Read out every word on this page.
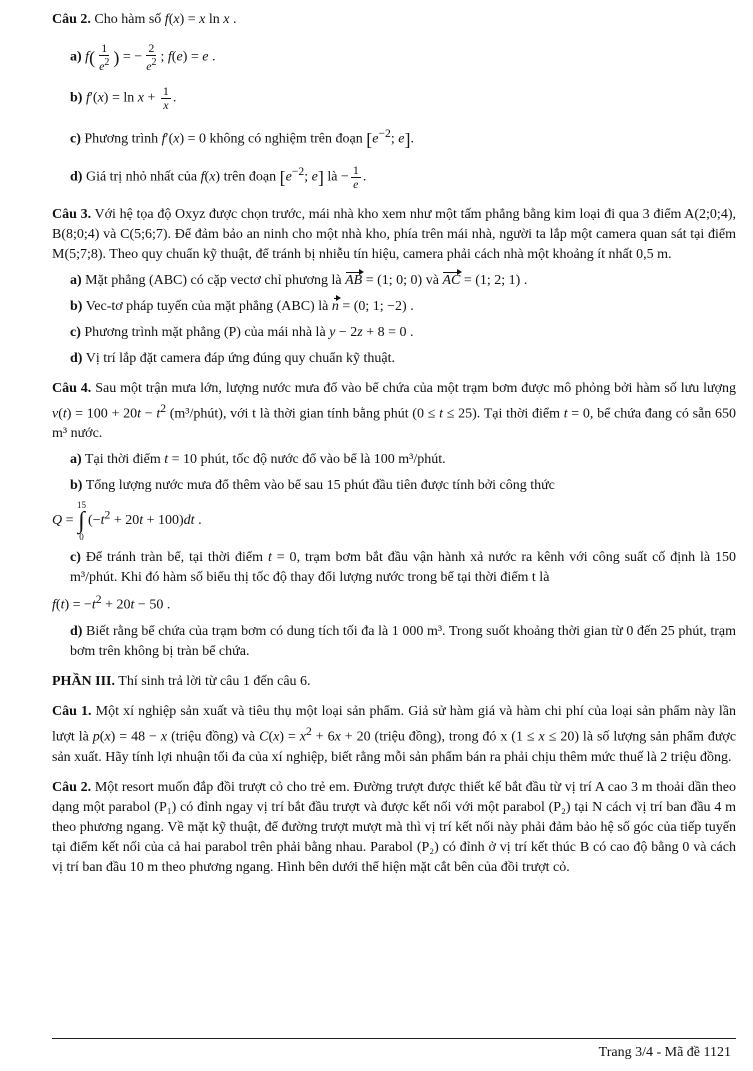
Câu 2. Cho hàm số f(x) = x ln x .

a) $f( \frac{1}{e^2}$ ) = − $\frac{2}{e^2}$ ; f(e) = e .

b) $f'(x) = \ln x + \frac{1}{x}$ .

c) Phương trình f′(x) = 0 không có nghiệm trên đoạn [$e^{-2}$; e].

d) Giá trị nhỏ nhất của f(x) trên đoạn [$e^{-2}$; e] là − $\frac{1}{e}$ .

Câu 3. Với hệ tọa độ Oxyz được chọn trước, mái nhà kho xem như một tấm phẳng bằng kim loại đi qua 3 điểm A(2;0;4), B(8;0;4) và C(5;6;7). Để đảm bảo an ninh cho một nhà kho, phía trên mái nhà, người ta lắp một camera quan sát tại điểm M(5;7;8). Theo quy chuẩn kỹ thuật, để tránh bị nhiễu tín hiệu, camera phải cách nhà một khoảng ít nhất 0,5 m.

a) Mặt phẳng (ABC) có cặp vectơ chỉ phương là AB = (1; 0; 0) và AC = (1; 2; 1) .

b) Vec-tơ pháp tuyến của mặt phẳng (ABC) là n = (0; 1; −2) .

c) Phương trình mặt phẳng (P) của mái nhà là y − 2z + 8 = 0 .

d) Vị trí lắp đặt camera đáp ứng đúng quy chuẩn kỹ thuật.

Câu 4. Sau một trận mưa lớn, lượng nước mưa đổ vào bể chứa của một trạm bơm được mô phỏng bởi hàm số lưu lượng $v(t) = 100 + 20t - t^2$ (m³/phút), với t là thời gian tính bằng phút (0 ≤ t ≤ 25). Tại thời điểm t = 0, bể chứa đang có sẵn 650 m³ nước.

a) Tại thời điểm t = 10 phút, tốc độ nước đổ vào bể là 100 m³/phút.

b) Tổng lượng nước mưa đổ thêm vào bể sau 15 phút đầu tiên được tính bởi công thức

Q =
15
∫
0
$(-t^2 + 20t + 100)dt$ .

c) Để tránh tràn bể, tại thời điểm t = 0, trạm bơm bắt đầu vận hành xả nước ra kênh với công suất cố định là 150 m³/phút. Khi đó hàm số biểu thị tốc độ thay đổi lượng nước trong bể tại thời điểm t là

$f(t) = -t^2 + 20t - 50$ .

d) Biết rằng bể chứa của trạm bơm có dung tích tối đa là 1 000 m³. Trong suốt khoảng thời gian từ 0 đến 25 phút, trạm bơm trên không bị tràn bể chứa.

PHẦN III. Thí sinh trả lời từ câu 1 đến câu 6.

Câu 1. Một xí nghiệp sản xuất và tiêu thụ một loại sản phẩm. Giả sử hàm giá và hàm chi phí của loại sản phẩm này lần lượt là p(x) = 48 − x (triệu đồng) và $C(x) = x^2 + 6x + 20$ (triệu đồng), trong đó x (1 ≤ x ≤ 20) là số lượng sản phẩm được sản xuất. Hãy tính lợi nhuận tối đa của xí nghiệp, biết rằng mỗi sản phẩm bán ra phải chịu thêm mức thuế là 2 triệu đồng.

Câu 2. Một resort muốn đắp đồi trượt cỏ cho trẻ em. Đường trượt được thiết kế bắt đầu từ vị trí A cao 3 m thoải dần theo dạng một parabol (P₁) có đỉnh ngay vị trí bắt đầu trượt và được kết nối với một parabol (P₂) tại N cách vị trí ban đầu 4 m theo phương ngang. Về mặt kỹ thuật, để đường trượt mượt mà thì vị trí kết nối này phải đảm bảo hệ số góc của tiếp tuyến tại điểm kết nối của cả hai parabol trên phải bằng nhau. Parabol (P₂) có đỉnh ở vị trí kết thúc B có cao độ bằng 0 và cách vị trí ban đầu 10 m theo phương ngang. Hình bên dưới thể hiện mặt cắt bên của đồi trượt cỏ.

Trang 3/4 - Mã đề 1121
